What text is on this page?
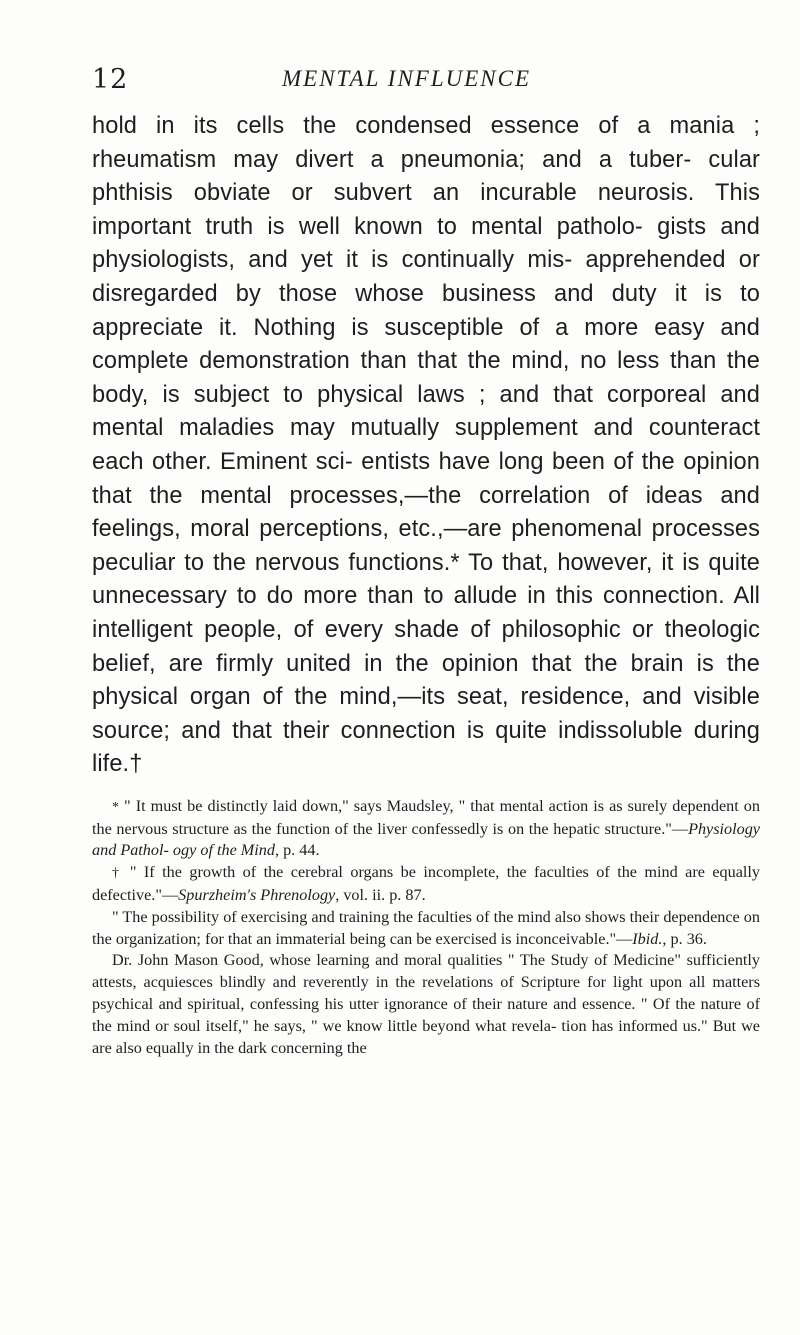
12	MENTAL INFLUENCE
hold in its cells the condensed essence of a mania ; rheumatism may divert a pneumonia; and a tuber- cular phthisis obviate or subvert an incurable neurosis. This important truth is well known to mental patholo- gists and physiologists, and yet it is continually mis- apprehended or disregarded by those whose business and duty it is to appreciate it. Nothing is susceptible of a more easy and complete demonstration than that the mind, no less than the body, is subject to physical laws ; and that corporeal and mental maladies may mutually supplement and counteract each other. Eminent sci- entists have long been of the opinion that the mental processes,—the correlation of ideas and feelings, moral perceptions, etc.,—are phenomenal processes peculiar to the nervous functions.* To that, however, it is quite unnecessary to do more than to allude in this connection. All intelligent people, of every shade of philosophic or theologic belief, are firmly united in the opinion that the brain is the physical organ of the mind,—its seat, residence, and visible source; and that their connection is quite indissoluble during life.†

* " It must be distinctly laid down," says Maudsley, " that mental action is as surely dependent on the nervous structure as the function of the liver confessedly is on the hepatic structure."—Physiology and Pathol- ogy of the Mind, p. 44.

† " If the growth of the cerebral organs be incomplete, the faculties of the mind are equally defective."—Spurzheim's Phrenology, vol. ii. p. 87.

" The possibility of exercising and training the faculties of the mind also shows their dependence on the organization; for that an immaterial being can be exercised is inconceivable."—Ibid., p. 36.

Dr. John Mason Good, whose learning and moral qualities " The Study of Medicine" sufficiently attests, acquiesces blindly and reverently in the revelations of Scripture for light upon all matters psychical and spiritual, confessing his utter ignorance of their nature and essence. " Of the nature of the mind or soul itself," he says, " we know little beyond what revela- tion has informed us." But we are also equally in the dark concerning the
